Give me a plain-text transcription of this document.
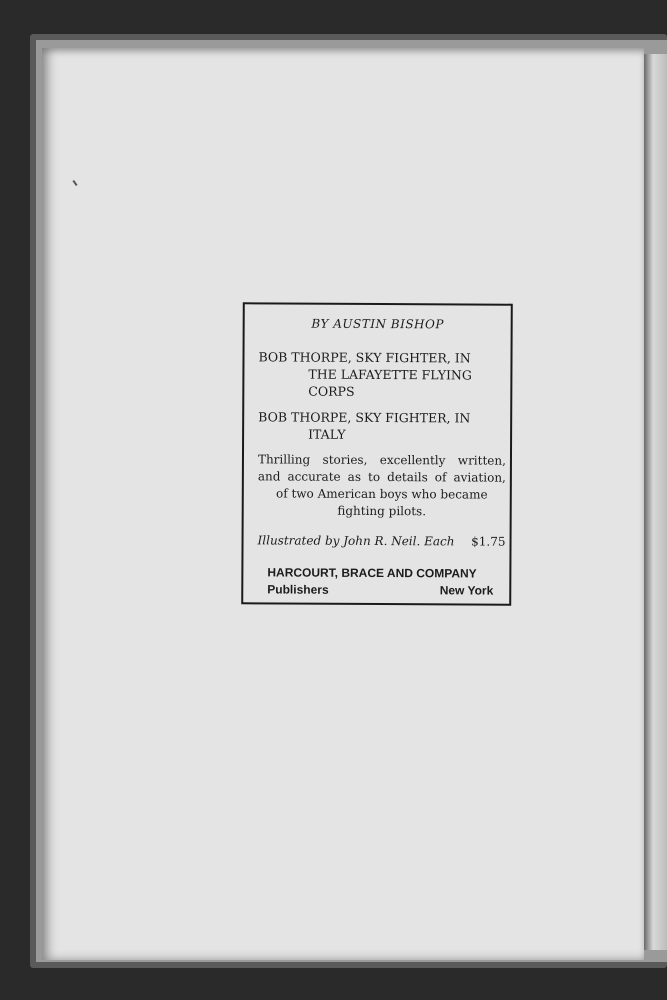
BY AUSTIN BISHOP
BOB THORPE, SKY FIGHTER, IN
THE LAFAYETTE FLYING
CORPS
BOB THORPE, SKY FIGHTER, IN
ITALY
Thrilling stories, excellently written,
and accurate as to details of aviation,
of two American boys who became
fighting pilots.
Illustrated by John R. Neil. Each $1.75
HARCOURT, BRACE AND COMPANY
Publishers	New York
